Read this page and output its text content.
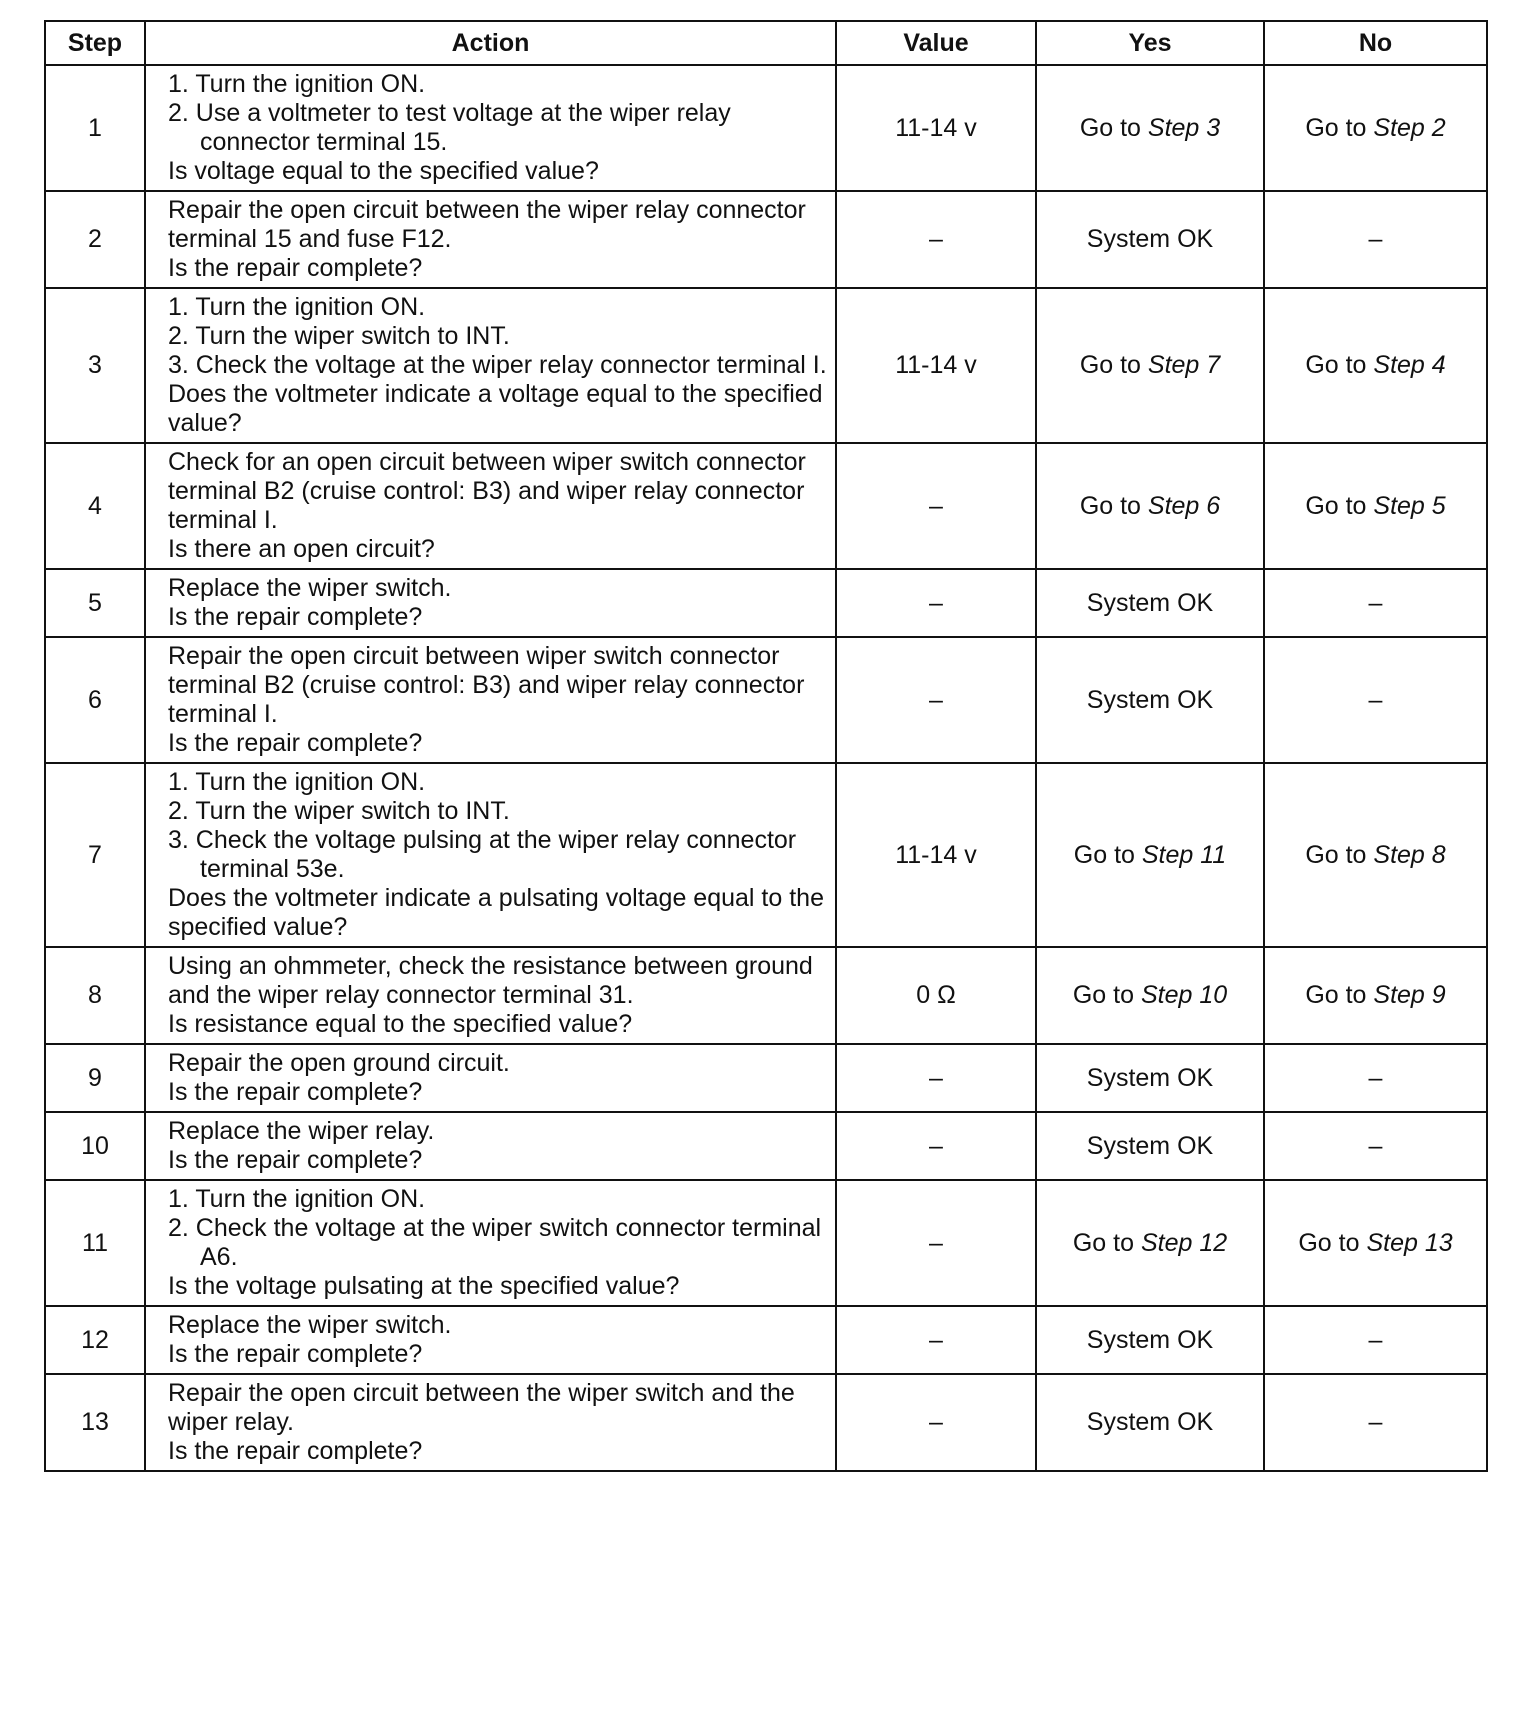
Step	Action	Value	Yes	No
1	1. Turn the ignition ON.
2. Use a voltmeter to test voltage at the wiper relay connector terminal 15.
Is voltage equal to the specified value?	11-14 v	Go to Step 3	Go to Step 2
2	Repair the open circuit between the wiper relay connector terminal 15 and fuse F12.
Is the repair complete?	–	System OK	–
3	1. Turn the ignition ON.
2. Turn the wiper switch to INT.
3. Check the voltage at the wiper relay connector terminal I.
Does the voltmeter indicate a voltage equal to the specified value?	11-14 v	Go to Step 7	Go to Step 4
4	Check for an open circuit between wiper switch connector terminal B2 (cruise control: B3) and wiper relay connector terminal I.
Is there an open circuit?	–	Go to Step 6	Go to Step 5
5	Replace the wiper switch.
Is the repair complete?	–	System OK	–
6	Repair the open circuit between wiper switch connector terminal B2 (cruise control: B3) and wiper relay connector terminal I.
Is the repair complete?	–	System OK	–
7	1. Turn the ignition ON.
2. Turn the wiper switch to INT.
3. Check the voltage pulsing at the wiper relay connector terminal 53e.
Does the voltmeter indicate a pulsating voltage equal to the specified value?	11-14 v	Go to Step 11	Go to Step 8
8	Using an ohmmeter, check the resistance between ground and the wiper relay connector terminal 31.
Is resistance equal to the specified value?	0 Ω	Go to Step 10	Go to Step 9
9	Repair the open ground circuit.
Is the repair complete?	–	System OK	–
10	Replace the wiper relay.
Is the repair complete?	–	System OK	–
11	1. Turn the ignition ON.
2. Check the voltage at the wiper switch connector terminal A6.
Is the voltage pulsating at the specified value?	–	Go to Step 12	Go to Step 13
12	Replace the wiper switch.
Is the repair complete?	–	System OK	–
13	Repair the open circuit between the wiper switch and the wiper relay.
Is the repair complete?	–	System OK	–
